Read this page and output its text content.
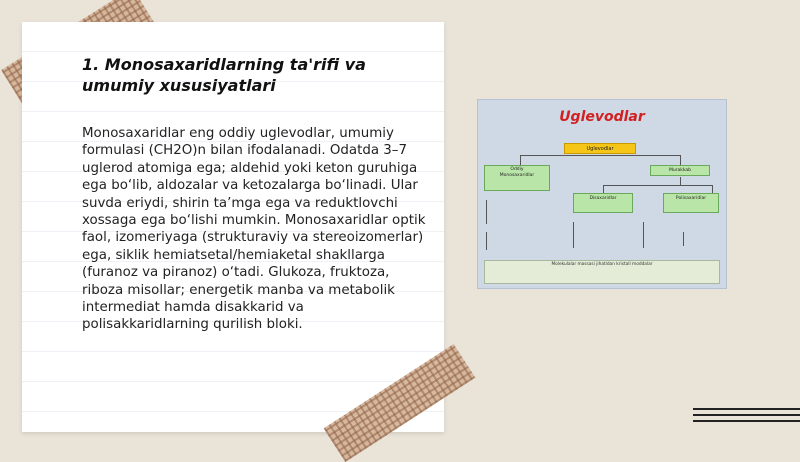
1. Monosaxaridlarning ta'rifi va umumiy xususiyatlari

Monosaxaridlar eng oddiy uglevodlar, umumiy formulasi (CH2O)n bilan ifodalanadi. Odatda 3–7 uglerod atomiga ega; aldehid yoki keton guruhiga ega bo‘lib, aldozalar va ketozalarga bo‘linadi. Ular suvda eriydi, shirin ta’mga ega va reduktlovchi xossaga ega bo‘lishi mumkin. Monosaxaridlar optik faol, izomeriyaga (strukturaviy va stereoizomerlar) ega, siklik hemiatsetal/hemiaketal shakllarga (furanoz va piranoz) o‘tadi. Glukoza, fruktoza, riboza misollar; energetik manba va metabolik intermediat hamda disakkarid va polisakkaridlarning qurilish bloki.

Uglevodlar
Uglevodlar
Oddiy
Monosaxaridlar
Murakkab
Disaxaridlar	Polisaxaridlar
Molekulalar massasi jihatidan kristall moddalar
